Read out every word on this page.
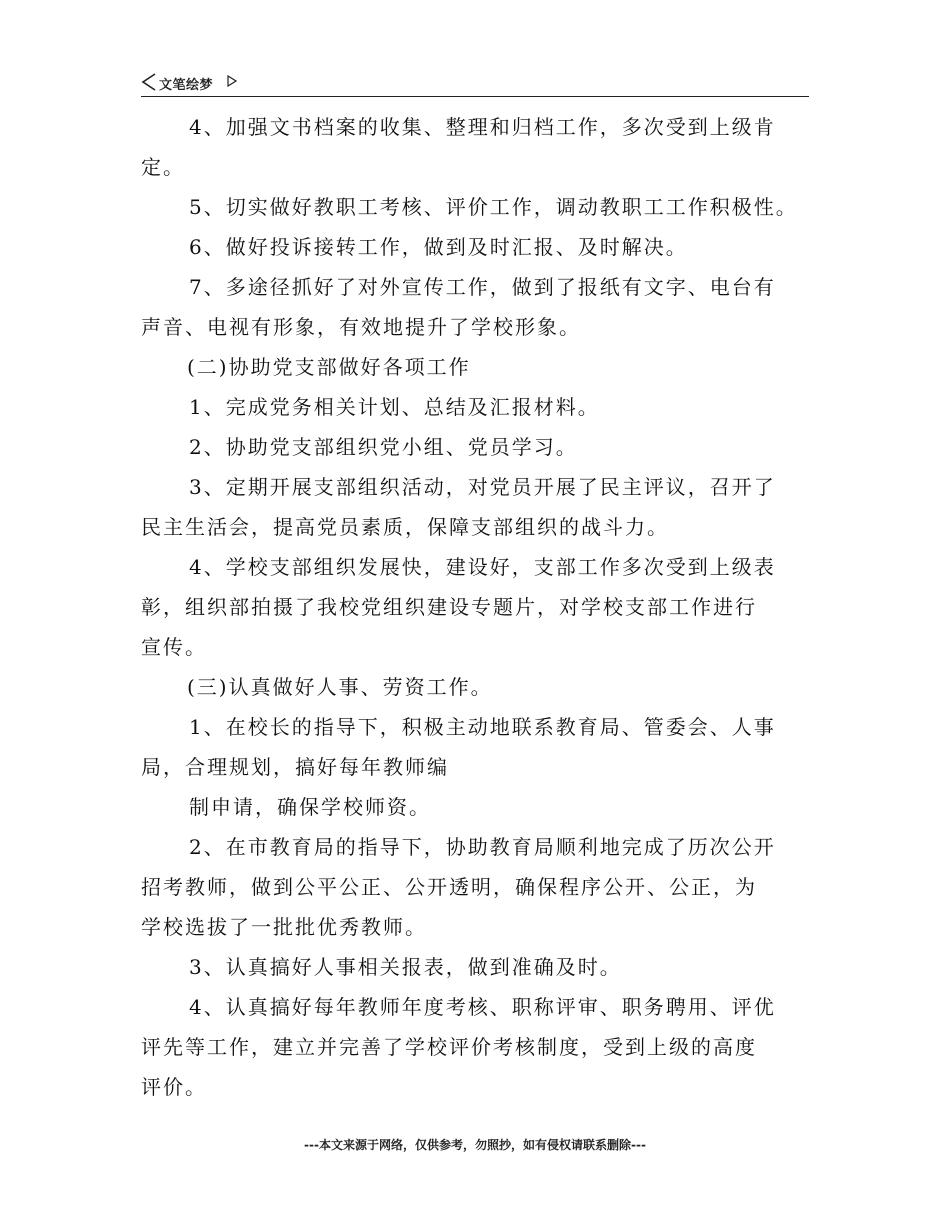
文笔绘梦
4、加强文书档案的收集、整理和归档工作，多次受到上级肯
定。
5、切实做好教职工考核、评价工作，调动教职工工作积极性。
6、做好投诉接转工作，做到及时汇报、及时解决。
7、多途径抓好了对外宣传工作，做到了报纸有文字、电台有
声音、电视有形象，有效地提升了学校形象。
(二)协助党支部做好各项工作
1、完成党务相关计划、总结及汇报材料。
2、协助党支部组织党小组、党员学习。
3、定期开展支部组织活动，对党员开展了民主评议，召开了
民主生活会，提高党员素质，保障支部组织的战斗力。
4、学校支部组织发展快，建设好，支部工作多次受到上级表
彰，组织部拍摄了我校党组织建设专题片，对学校支部工作进行
宣传。
(三)认真做好人事、劳资工作。
1、在校长的指导下，积极主动地联系教育局、管委会、人事
局，合理规划，搞好每年教师编
制申请，确保学校师资。
2、在市教育局的指导下，协助教育局顺利地完成了历次公开
招考教师，做到公平公正、公开透明，确保程序公开、公正，为
学校选拔了一批批优秀教师。
3、认真搞好人事相关报表，做到准确及时。
4、认真搞好每年教师年度考核、职称评审、职务聘用、评优
评先等工作，建立并完善了学校评价考核制度，受到上级的高度
评价。
---本文来源于网络，仅供参考，勿照抄，如有侵权请联系删除---
